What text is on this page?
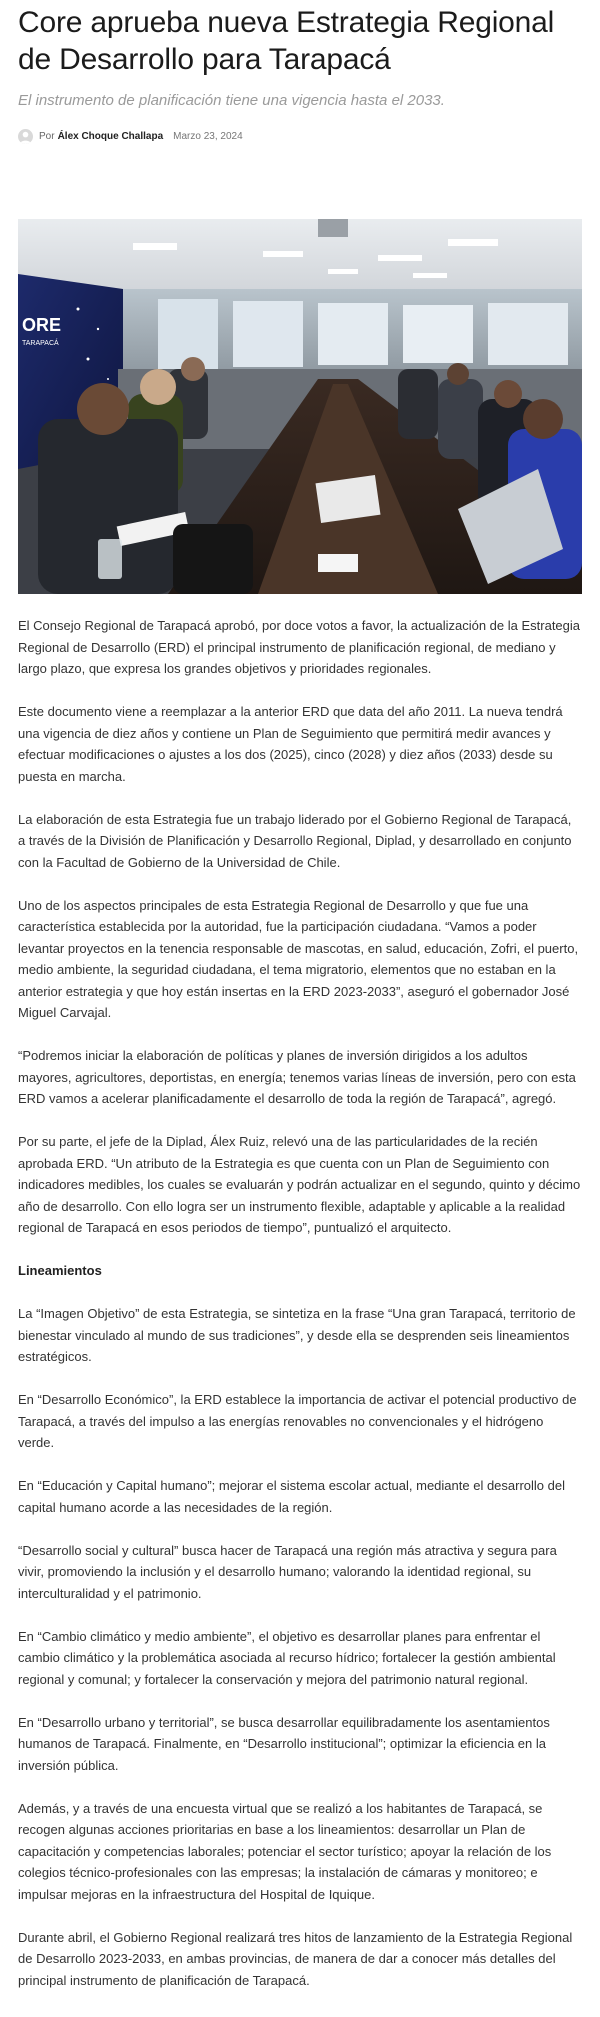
Core aprueba nueva Estrategia Regional de Desarrollo para Tarapacá

El instrumento de planificación tiene una vigencia hasta el 2033.

Por Álex Choque Challapa Marzo 23, 2024
ORE
TARAPACÁ

El Consejo Regional de Tarapacá aprobó, por doce votos a favor, la actualización de la Estrategia Regional de Desarrollo (ERD) el principal instrumento de planificación regional, de mediano y largo plazo, que expresa los grandes objetivos y prioridades regionales.

Este documento viene a reemplazar a la anterior ERD que data del año 2011. La nueva tendrá una vigencia de diez años y contiene un Plan de Seguimiento que permitirá medir avances y efectuar modificaciones o ajustes a los dos (2025), cinco (2028) y diez años (2033) desde su puesta en marcha.

La elaboración de esta Estrategia fue un trabajo liderado por el Gobierno Regional de Tarapacá, a través de la División de Planificación y Desarrollo Regional, Diplad, y desarrollado en conjunto con la Facultad de Gobierno de la Universidad de Chile.

Uno de los aspectos principales de esta Estrategia Regional de Desarrollo y que fue una característica establecida por la autoridad, fue la participación ciudadana. “Vamos a poder levantar proyectos en la tenencia responsable de mascotas, en salud, educación, Zofri, el puerto, medio ambiente, la seguridad ciudadana, el tema migratorio, elementos que no estaban en la anterior estrategia y que hoy están insertas en la ERD 2023-2033”, aseguró el gobernador José Miguel Carvajal.

“Podremos iniciar la elaboración de políticas y planes de inversión dirigidos a los adultos mayores, agricultores, deportistas, en energía; tenemos varias líneas de inversión, pero con esta ERD vamos a acelerar planificadamente el desarrollo de toda la región de Tarapacá”, agregó.

Por su parte, el jefe de la Diplad, Álex Ruiz, relevó una de las particularidades de la recién aprobada ERD. “Un atributo de la Estrategia es que cuenta con un Plan de Seguimiento con indicadores medibles, los cuales se evaluarán y podrán actualizar en el segundo, quinto y décimo año de desarrollo. Con ello logra ser un instrumento flexible, adaptable y aplicable a la realidad regional de Tarapacá en esos periodos de tiempo”, puntualizó el arquitecto.

Lineamientos

La “Imagen Objetivo” de esta Estrategia, se sintetiza en la frase “Una gran Tarapacá, territorio de bienestar vinculado al mundo de sus tradiciones”, y desde ella se desprenden seis lineamientos estratégicos.

En “Desarrollo Económico”, la ERD establece la importancia de activar el potencial productivo de Tarapacá, a través del impulso a las energías renovables no convencionales y el hidrógeno verde.

En “Educación y Capital humano”; mejorar el sistema escolar actual, mediante el desarrollo del capital humano acorde a las necesidades de la región.

“Desarrollo social y cultural” busca hacer de Tarapacá una región más atractiva y segura para vivir, promoviendo la inclusión y el desarrollo humano; valorando la identidad regional, su interculturalidad y el patrimonio.

En “Cambio climático y medio ambiente”, el objetivo es desarrollar planes para enfrentar el cambio climático y la problemática asociada al recurso hídrico; fortalecer la gestión ambiental regional y comunal; y fortalecer la conservación y mejora del patrimonio natural regional.

En “Desarrollo urbano y territorial”, se busca desarrollar equilibradamente los asentamientos humanos de Tarapacá. Finalmente, en “Desarrollo institucional”; optimizar la eficiencia en la inversión pública.

Además, y a través de una encuesta virtual que se realizó a los habitantes de Tarapacá, se recogen algunas acciones prioritarias en base a los lineamientos: desarrollar un Plan de capacitación y competencias laborales; potenciar el sector turístico; apoyar la relación de los colegios técnico-profesionales con las empresas; la instalación de cámaras y monitoreo; e impulsar mejoras en la infraestructura del Hospital de Iquique.

Durante abril, el Gobierno Regional realizará tres hitos de lanzamiento de la Estrategia Regional de Desarrollo 2023-2033, en ambas provincias, de manera de dar a conocer más detalles del principal instrumento de planificación de Tarapacá.
